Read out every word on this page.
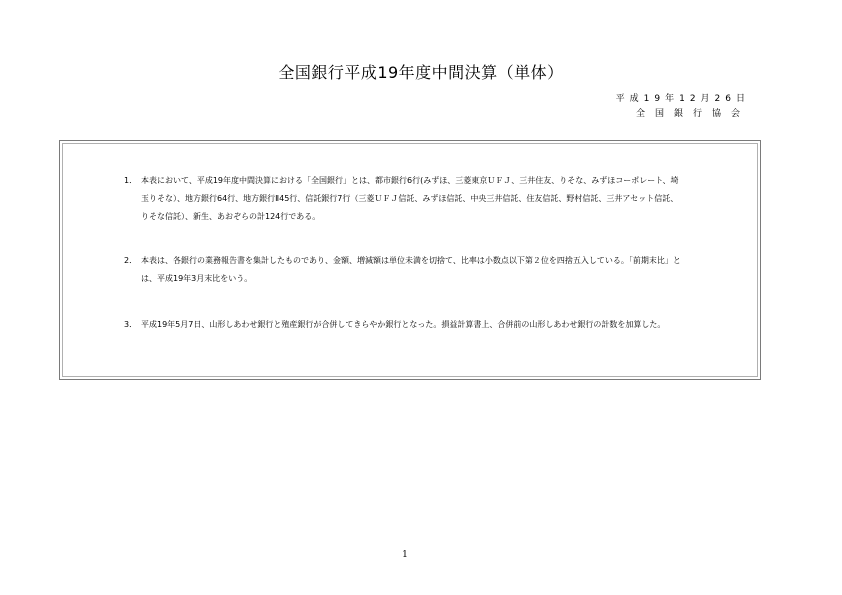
全国銀行平成19年度中間決算（単体）
平成19年12月26日
全国銀行協会
1． 本表において、平成19年度中間決算における「全国銀行」とは、都市銀行6行(みずほ、三菱東京ＵＦＪ、三井住友、りそな、みずほコーポレート、埼玉りそな）、地方銀行64行、地方銀行Ⅱ45行、信託銀行7行（三菱ＵＦＪ信託、みずほ信託、中央三井信託、住友信託、野村信託、三井アセット信託、りそな信託）、新生、あおぞらの計124行である。
2． 本表は、各銀行の業務報告書を集計したものであり、金額、増減額は単位未満を切捨て、比率は小数点以下第２位を四捨五入している。「前期末比」とは、平成19年3月末比をいう。
3． 平成19年5月7日、山形しあわせ銀行と殖産銀行が合併してきらやか銀行となった。損益計算書上、合併前の山形しあわせ銀行の計数を加算した。
1
